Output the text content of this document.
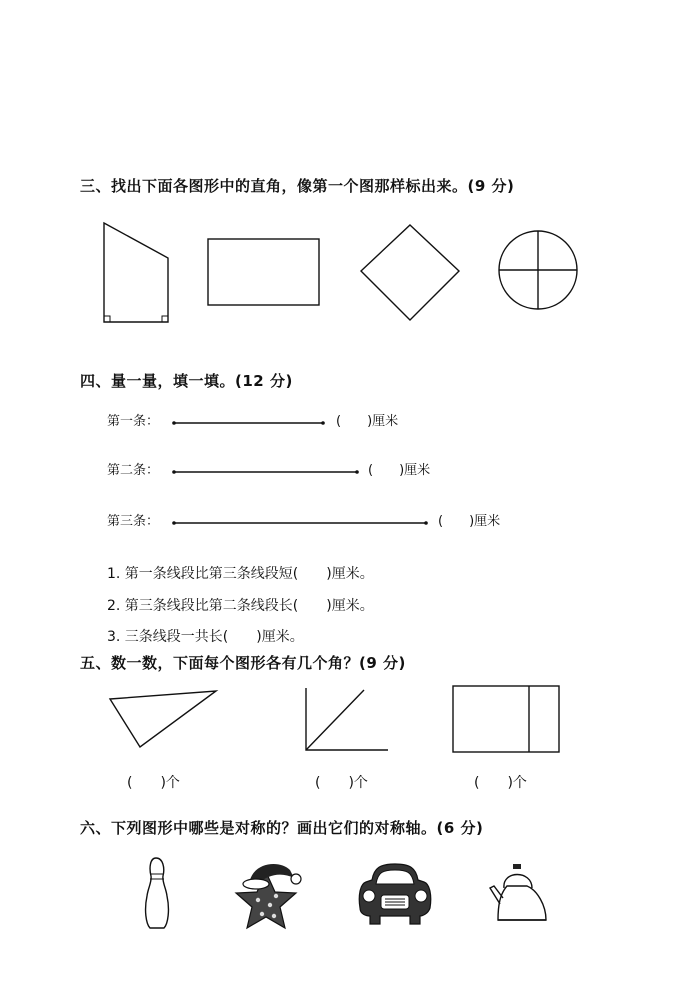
三、找出下面各图形中的直角，像第一个图那样标出来。(9 分)
四、量一量，填一填。(12 分)
第一条：	(　　)厘米
第二条：	(　　)厘米
第三条：	(　　)厘米
1. 第一条线段比第三条线段短(　　)厘米。
2. 第三条线段比第二条线段长(　　)厘米。
3. 三条线段一共长(　　)厘米。
五、数一数，下面每个图形各有几个角？(9 分)
(　　)个	(　　)个	(　　)个
六、下列图形中哪些是对称的？画出它们的对称轴。(6 分)
